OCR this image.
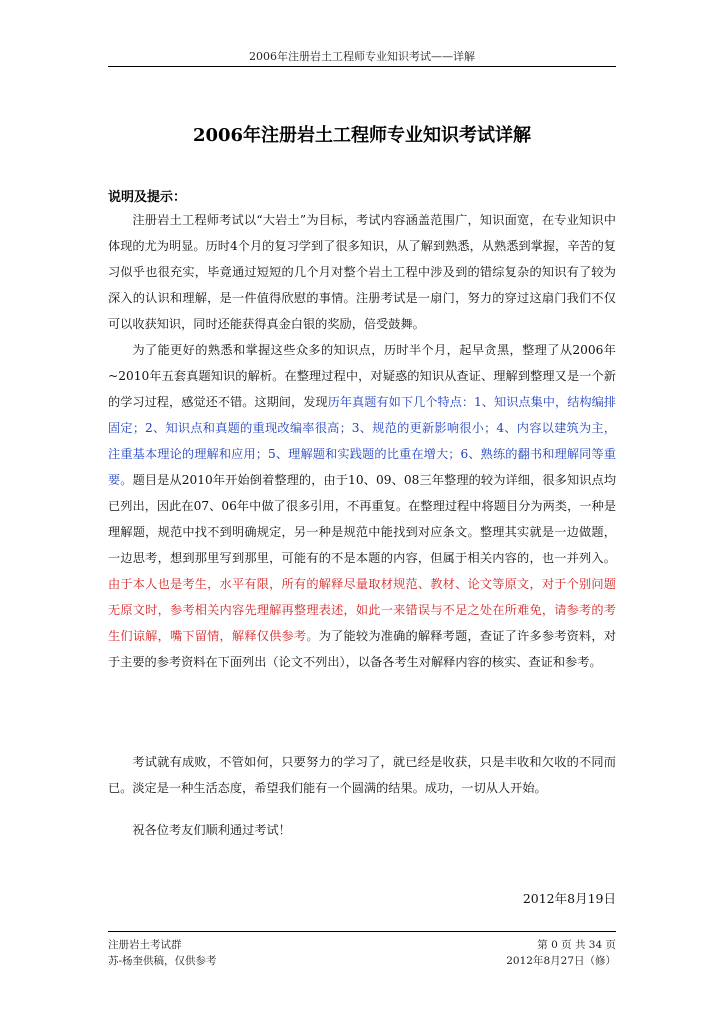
2006年注册岩土工程师专业知识考试——详解
2006年注册岩土工程师专业知识考试详解
说明及提示：

注册岩土工程师考试以“大岩土”为目标，考试内容涵盖范围广，知识面宽，在专业知识中体现的尤为明显。历时4个月的复习学到了很多知识，从了解到熟悉，从熟悉到掌握，辛苦的复习似乎也很充实，毕竟通过短短的几个月对整个岩土工程中涉及到的错综复杂的知识有了较为深入的认识和理解，是一件值得欣慰的事情。注册考试是一扇门，努力的穿过这扇门我们不仅可以收获知识，同时还能获得真金白银的奖励，倍受鼓舞。

为了能更好的熟悉和掌握这些众多的知识点，历时半个月，起早贪黑，整理了从2006年~2010年五套真题知识的解析。在整理过程中，对疑惑的知识从查证、理解到整理又是一个新的学习过程，感觉还不错。这期间，发现历年真题有如下几个特点：1、知识点集中，结构编排固定；2、知识点和真题的重现改编率很高；3、规范的更新影响很小；4、内容以建筑为主，注重基本理论的理解和应用；5、理解题和实践题的比重在增大；6、熟练的翻书和理解同等重要。题目是从2010年开始倒着整理的，由于10、09、08三年整理的较为详细，很多知识点均已列出，因此在07、06年中做了很多引用，不再重复。在整理过程中将题目分为两类，一种是理解题，规范中找不到明确规定，另一种是规范中能找到对应条文。整理其实就是一边做题，一边思考，想到那里写到那里，可能有的不是本题的内容，但属于相关内容的，也一并列入。由于本人也是考生，水平有限，所有的解释尽量取材规范、教材、论文等原文，对于个别问题无原文时，参考相关内容先理解再整理表述，如此一来错误与不足之处在所难免，请参考的考生们谅解，嘴下留情，解释仅供参考。为了能较为准确的解释考题，查证了许多参考资料，对于主要的参考资料在下面列出（论文不列出），以备各考生对解释内容的核实、查证和参考。

考试就有成败，不管如何，只要努力的学习了，就已经是收获，只是丰收和欠收的不同而已。淡定是一种生活态度，希望我们能有一个圆满的结果。成功，一切从人开始。

祝各位考友们顺利通过考试！

2012年8月19日
注册岩土考试群
苏-杨奎供稿，仅供参考
第 0 页 共 34 页
2012年8月27日（修）
